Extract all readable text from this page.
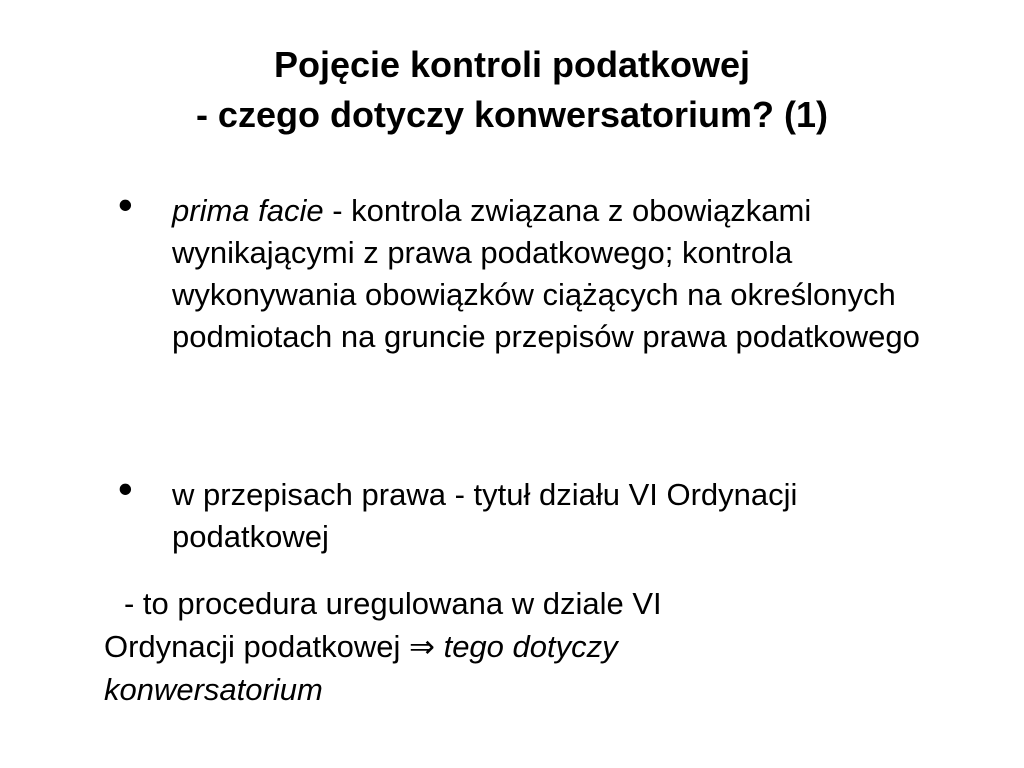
Pojęcie kontroli podatkowej
- czego dotyczy konwersatorium? (1)
• prima facie - kontrola związana z obowiązkami wynikającymi z prawa podatkowego; kontrola wykonywania obowiązków ciążących na określonych podmiotach na gruncie przepisów prawa podatkowego
• w przepisach prawa - tytuł działu VI Ordynacji podatkowej
- to procedura uregulowana w dziale VI
Ordynacji podatkowej ⇒ tego dotyczy
konwersatorium
